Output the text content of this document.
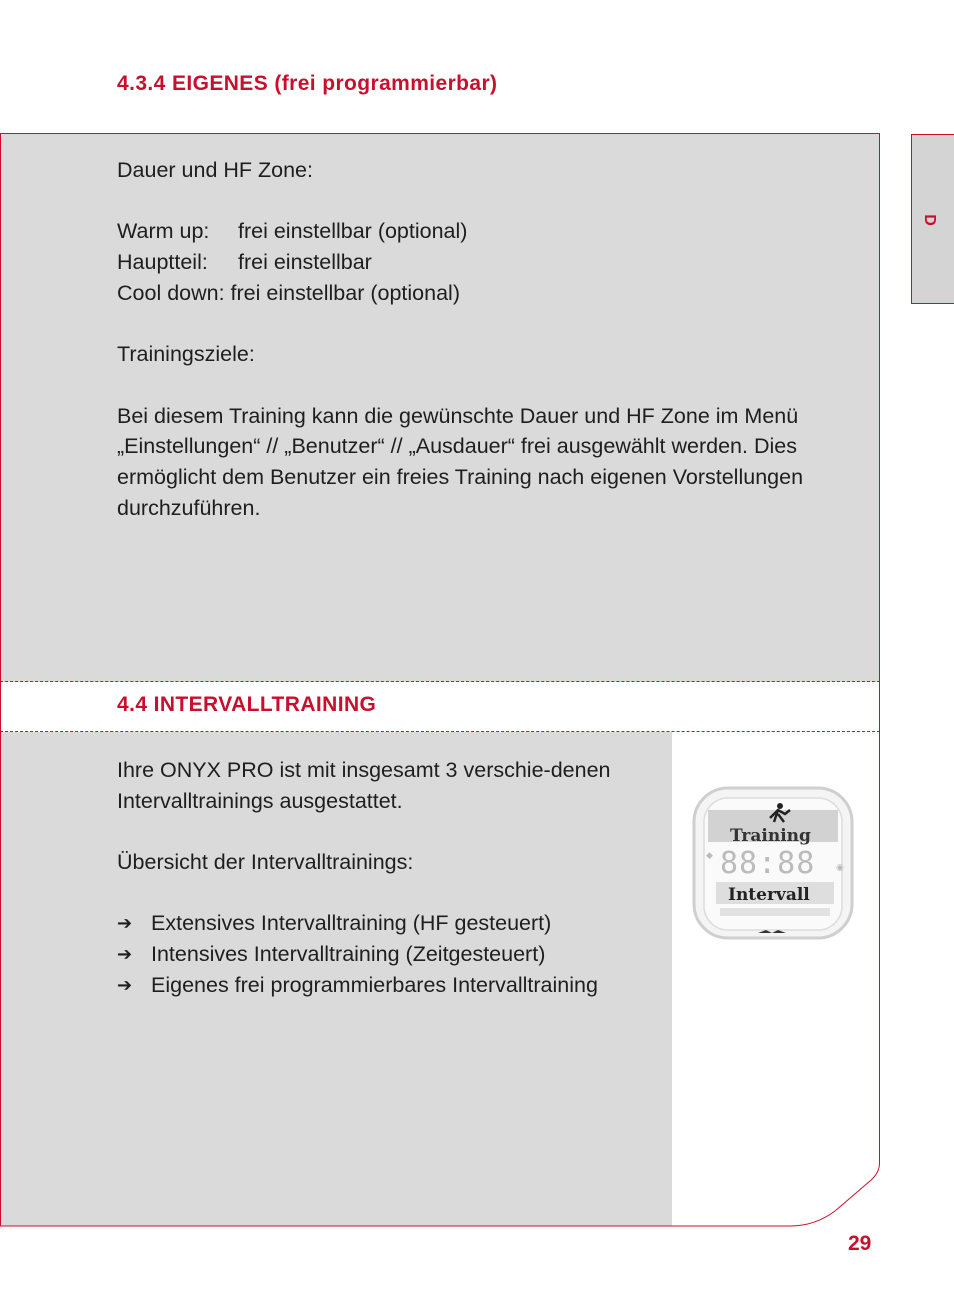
4.3.4 EIGENES (frei programmierbar)

Dauer und HF Zone:

Warm up:	frei einstellbar (optional)
Hauptteil:	frei einstellbar

Cool down: frei einstellbar (optional)

Trainingsziele:

Bei diesem Training kann die gewünschte Dauer und HF Zone im Menü „Einstellungen“ // „Benutzer“ // „Ausdauer“ frei ausgewählt werden. Dies ermöglicht dem Benutzer ein freies Training nach eigenen Vorstellungen durchzuführen.

4.4 INTERVALLTRAINING

Ihre ONYX PRO ist mit insgesamt 3 verschie-denen Intervalltrainings ausgestattet.

Übersicht der Intervalltrainings:

➔ Extensives Intervalltraining (HF gesteuert)
➔ Intensives Intervalltraining (Zeitgesteuert)
➔ Eigenes frei programmierbares Intervalltraining
Training
88:88
◆
◉
Intervall
D
29
